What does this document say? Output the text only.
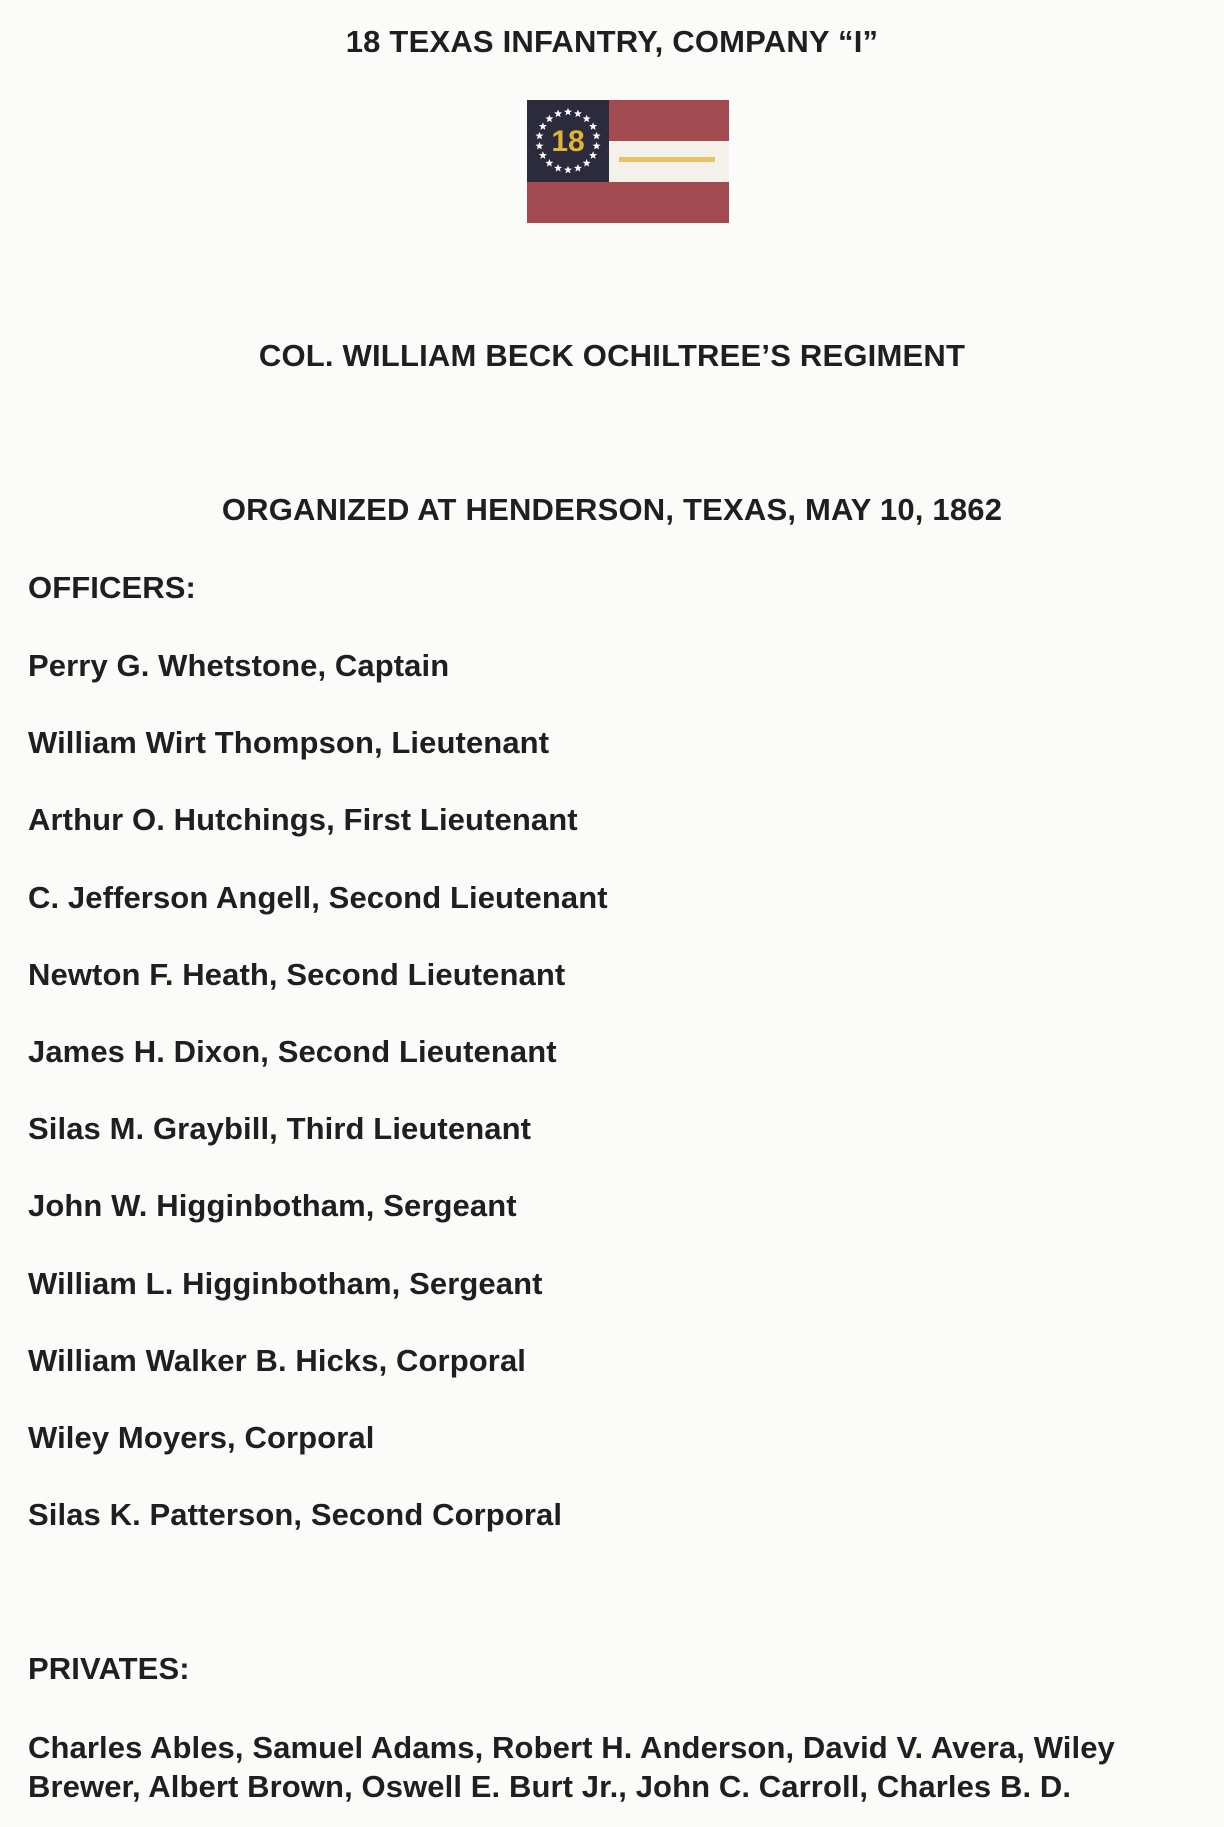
18 TEXAS INFANTRY, COMPANY “I”
18
COL. WILLIAM BECK OCHILTREE’S REGIMENT
ORGANIZED AT HENDERSON, TEXAS, MAY 10, 1862
OFFICERS:
Perry G. Whetstone, Captain
William Wirt Thompson, Lieutenant
Arthur O. Hutchings, First Lieutenant
C. Jefferson Angell, Second Lieutenant
Newton F. Heath, Second Lieutenant
James H. Dixon, Second Lieutenant
Silas M. Graybill, Third Lieutenant
John W. Higginbotham, Sergeant
William L. Higginbotham, Sergeant
William Walker B. Hicks, Corporal
Wiley Moyers, Corporal
Silas K. Patterson, Second Corporal
PRIVATES:

Charles Ables, Samuel Adams, Robert H. Anderson, David V. Avera, Wiley Brewer, Albert Brown, Oswell E. Burt Jr., John C. Carroll, Charles B. D.
